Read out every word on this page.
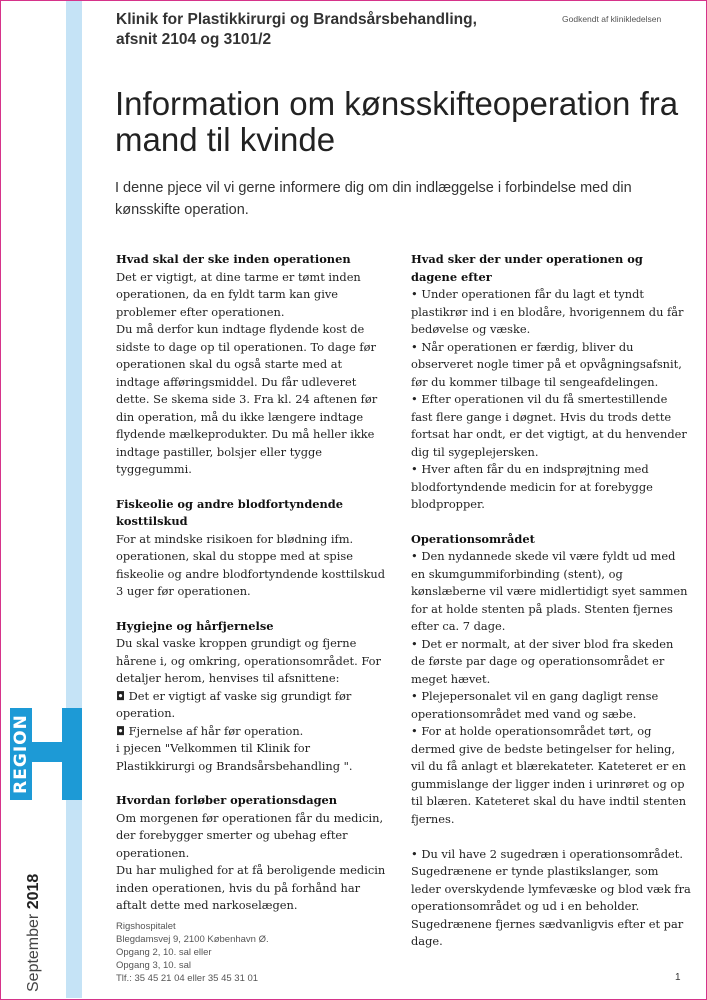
REGION
September 2018
Klinik for Plastikkirurgi og Brandsårsbehandling, afsnit 2104 og 3101/2
Godkendt af klinikledelsen
Information om kønsskifteoperation fra mand til kvinde
I denne pjece vil vi gerne informere dig om din indlæggelse i forbindelse med din kønsskifte operation.
Hvad skal der ske inden operationen

Det er vigtigt, at dine tarme er tømt inden operationen, da en fyldt tarm kan give problemer efter operationen.

Du må derfor kun indtage flydende kost de sidste to dage op til operationen. To dage før operationen skal du også starte med at indtage afføringsmiddel. Du får udleveret dette. Se skema side 3. Fra kl. 24 aftenen før din operation, må du ikke længere indtage flydende mælkeprodukter. Du må heller ikke indtage pastiller, bolsjer eller tygge tyggegummi.

Fiskeolie og andre blodfortyndende kosttilskud

For at mindske risikoen for blødning ifm. operationen, skal du stoppe med at spise fiskeolie og andre blodfortyndende kosttilskud 3 uger før operationen.

Hygiejne og hårfjernelse

Du skal vaske kroppen grundigt og fjerne hårene i, og omkring, operationsområdet. For detaljer herom, henvises til afsnittene:

◘ Det er vigtigt af vaske sig grundigt før operation.

◘ Fjernelse af hår før operation.

i pjecen "Velkommen til Klinik for Plastikkirurgi og Brandsårsbehandling ".

Hvordan forløber operationsdagen

Om morgenen før operationen får du medicin, der forebygger smerter og ubehag efter operationen.

Du har mulighed for at få beroligende medicin inden operationen, hvis du på forhånd har aftalt dette med narkoselægen.

Hvad sker der under operationen og dagene efter

• Under operationen får du lagt et tyndt plastikrør ind i en blodåre, hvorigennem du får bedøvelse og væske.

• Når operationen er færdig, bliver du observeret nogle timer på et opvågningsafsnit, før du kommer tilbage til sengeafdelingen.

• Efter operationen vil du få smertestillende fast flere gange i døgnet. Hvis du trods dette fortsat har ondt, er det vigtigt, at du henvender dig til sygeplejersken.

• Hver aften får du en indsprøjtning med blodfortyndende medicin for at forebygge blodpropper.

Operationsområdet

• Den nydannede skede vil være fyldt ud med en skumgummiforbinding (stent), og kønslæberne vil være midlertidigt syet sammen for at holde stenten på plads. Stenten fjernes efter ca. 7 dage.

• Det er normalt, at der siver blod fra skeden de første par dage og operationsområdet er meget hævet.

• Plejepersonalet vil en gang dagligt rense operationsområdet med vand og sæbe.

• For at holde operationsområdet tørt, og dermed give de bedste betingelser for heling, vil du få anlagt et blærekateter. Kateteret er en gummislange der ligger inden i urinrøret og op til blæren. Kateteret skal du have indtil stenten fjernes.

• Du vil have 2 sugedræn i operationsområdet. Sugedrænene er tynde plastikslanger, som leder overskydende lymfevæske og blod væk fra operationsområdet og ud i en beholder. Sugedrænene fjernes sædvanligvis efter et par dage.

Rigshospitalet
Blegdamsvej 9, 2100 København Ø.
Opgang 2, 10. sal eller
Opgang 3, 10. sal
Tlf.: 35 45 21 04 eller 35 45 31 01	1
